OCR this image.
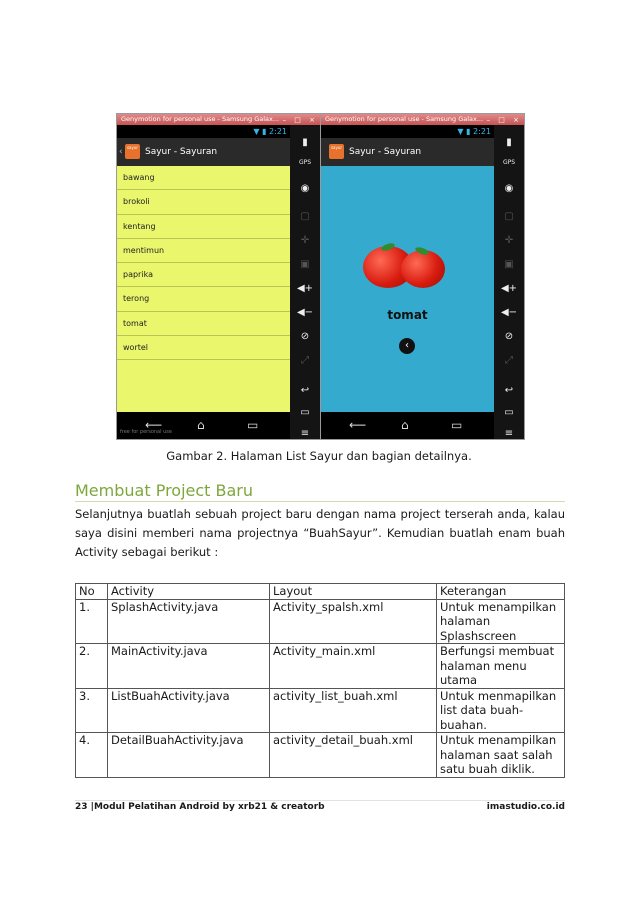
Genymotion for personal use - Samsung Galax... – □ ×
▼ ▮ 2:21
‹	sayur Sayur - Sayuran
bawang
brokoli
kentang
mentimun
paprika
terong
tomat
wortel
⟵	⌂	▭
free for personal use
▮
GPS
◉
▢
✛
▣
◀+
◀−
⊘
⤢
↩
▭
≡
Genymotion for personal use - Samsung Galax... – □ ×
▼ ▮ 2:21
sayur Sayur - Sayuran
tomat
‹
⟵	⌂	▭
▮
GPS
◉
▢
✛
▣
◀+
◀−
⊘
⤢
↩
▭
≡
Gambar 2. Halaman List Sayur dan bagian detailnya.
Membuat Project Baru
Selanjutnya buatlah sebuah project baru dengan nama project terserah anda, kalau saya disini memberi nama projectnya “BuahSayur”. Kemudian buatlah enam buah Activity sebagai berikut :
No	Activity	Layout	Keterangan
1.	SplashActivity.java	Activity_spalsh.xml	Untuk menampilkan halaman Splashscreen
2.	MainActivity.java	Activity_main.xml	Berfungsi membuat halaman menu utama
3.	ListBuahActivity.java	activity_list_buah.xml	Untuk menmapilkan list data buah-buahan.
4.	DetailBuahActivity.java	activity_detail_buah.xml	Untuk menampilkan halaman saat salah satu buah diklik.
23 |Modul Pelatihan Android by xrb21 & creatorb	imastudio.co.id
